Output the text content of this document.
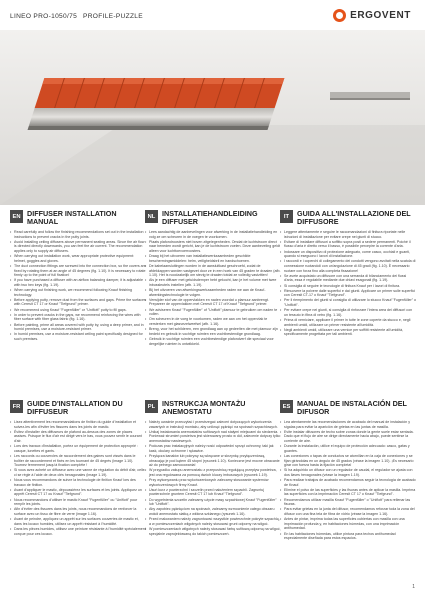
LINEO PRO-1050/75 PROFILE-PUZZLE	ERGOVENT
EN DIFFUSER INSTALLATION MANUAL

• Read carefully and follow the finishing recommendations set out in the installation instructions to prevent cracks in the putty joints.

• Avoid installing ceiling diffusers above permanent seating areas. Since the air flow is directed directly downwards, you can feel the air current. The recommendation applies only to supply air diffusers.

• When carrying out installation work, wear appropriate protective equipment: helmet, goggles and gloves.

• The duct connection fittings are screwed into the connection box, so the covers are fixed by rotating them at an angle of 45 degrees (fig. 1.10). It is necessary to rotate firmly up to the point of full fixation!

• If you have purchased a diffuser with an airflow balancing damper, it is adjustable with two hex keys (fig. 1.19).

• When carrying out finishing work, we recommend following Knauf finishing technology.

• Before applying putty, remove dust from the surfaces and gaps. Prime the surfaces with Ceresit CT 17 or Knauf "Tiefgrund" primer.

• We recommend using Knauf "Fugenfüller" or "Uniflott" putty to fill gaps.

• In order to prevent cracks in the gaps, we recommend reinforcing the wires with fiber surface with fiber glass fabric (fig. 1.16).

• Before painting, prime all areas covered with putty by, using a deep primer, and in humid premises, use a moisture-resistant primer.

• In humid premises, use a moisture-resistant ceiling paint specifically designed for such premises.

NL INSTALLATIEHANDLEIDING DIFFUSER

• Lees aandachtig de aanbevelingen voor afwerking in de installatiehandleiding en volg ze om scheuren in de voegen te voorkomen.

• Plaats plafondroosters niet boven zitgelegenheden. Omdat de luchtstroom direct naar beneden wordt gericht, kan je de luchtstroom voelen. Deze aanbeveling geldt alleen voor luchttoevoerroosters.

• Draag bij het uitvoeren van installatiewerkzaamheden geschikte beschermingsmiddelen: helm, veiligheidsbril en handschoenen.

• De kabelaansluitingen worden in de aansluitkast geschroefd, zodat de afdekkappen worden vastgezet door ze in een hoek van 45 graden te draaien (afb. 1.10). Het is noodzakelijk om stevig te draaien totdat ze volledig vastzitten!

• Als je een diffuser met geluidsdemper hebt gekocht, kan je het volume met twee inbussleutels instellen (afb. 1.19).

• Bij het uitvoeren van afwerkingswerkzaamheden raden we aan de Knauf-afwerkingstechnologie te volgen.

• Verwijder stof van de oppervlakken en naden voordat u plamuur aanbrengt. Prepareer de oppervlakken met Ceresit CT 17 of Knauf "Tiefgrund" primer.

• We adviseren Knauf "Fugenfüller" of "Uniflott" plamuur te gebruiken om naden te vullen.

• Om scheuren in de voeg te voorkomen, raden we aan om het oppervlak te versterken met glasvezelweefsel (afb. 1.16).

• Breng, voor het schilderen, een grondlaag aan op gedeelten die met plamuur zijn bedekt en gebruik in vochtige ruimten een vochtbestendige grondlaag.

• Gebruik in vochtige ruimten een vochtbestendige plafondverf die speciaal voor dergelijke ruimten is ontwikkeld.

IT	GUIDA ALL'INSTALLAZIONE DEL DIFFUSORE

• Leggere attentamente e seguire le raccomandazioni di finitura riportate nelle istruzioni di installazione per evitare crepe nei giunti di stucco.

• Evitare di installare diffusori a soffitto sopra posti a sedere permanenti. Poiché il flusso d'aria è diretto verso il basso, è possibile percepire la corrente d'aria.

• Indossare un dispositivo di protezione adeguato, come casco, occhiali e guanti, quando si eseguono i lavori di installazione.

• I raccordi e i coperchi di collegamento dei condotti vengono avvitati nella scatola di connessione ruotandoli con un'angolazione di 45 gradi (fig. 1.10). È necessario ruotare con forza fino alla completa fissazione!

• Se avete acquistato un diffusore con una serranda di bilanciamento dei flussi d'aria, essa è regolabile mediante due chiavi esagonali (fig. 1.19).

• Si consiglia di seguire le tecnologie di finitura Knauf per i lavori di finitura.

• Rimuovere la polvere dalle superfici e dai giunti. Applicare un primer sulle superfici con Ceresit CT-17 o Knauf "Tiefgrund".

• Per il riempimento dei giunti si consiglia di utilizzare lo stucco Knauf "Fugenfüller" o "Uniflott".

• Per evitare crepe nei giunti, si consiglia di rinforzare l'intera area dei diffusori con un tessuto in fibra di vetro (fig. 1.16).

• Prima di verniciare, applicare il primer in tutte le zone coperte da stucco e, negli ambienti umidi, utilizzare un primer resistente all'umidità.

• Negli ambienti umidi, utilizzare una vernice per soffitti resistente all'umidità, specificamente progettata per tali ambienti.

FR GUIDE D'INSTALLATION DU DIFFUSEUR

• Lisez attentivement les recommandations de finition du guide d'installation et suivez-les afin d'éviter les fissures dans les joints de mastic.

• Évitez d'installer des diffuseurs de plafond au-dessus des zones de places assises. Puisque le flux d'air est dirigé vers le bas, vous pouvez sentir le courant d'air.

• Lors des travaux d'installation, portez un équipement de protection approprié : casque, lunettes et gants.

• Les raccords ou couvercles de raccordement des gaines sont vissés dans le boîtier de raccordement et fixés en les tournant de 45 degrés (image 1.10). Tournez fermement jusqu'à fixation complète !

• Si vous avez acheté un diffuseur avec une vanne de régulation du débit d'air, celle-ci se règle à l'aide de deux clés hexagonales (image 1.19).

• Nous vous recommandons de suivre la technologie de finition Knauf lors des travaux de finition.

• Avant d'appliquer le mastic, dépoussiérez les surfaces et les joints. Appliquez un apprêt Ceresit CT 17 ou Knauf "Tiefgrund".

• Nous recommandons d'utiliser le mastic Knauf "Fugenfüller" ou "Uniflott" pour remplir les joints.

• Afin d'éviter des fissures dans les joints, nous recommandons de renforcer la surface avec un tissu de fibre de verre (image 1.16).

• Avant de peindre, appliquez un apprêt sur les surfaces couvertes de mastic et, dans les locaux humides, utilisez un apprêt résistant à l'humidité.

• Dans les pièces humides, utilisez une peinture résistante à l'humidité spécialement conçue pour ces locaux.

PL INSTRUKCJA MONTAŻU ANEMOSTATU

• Należy uważnie przeczytać i przestrzegać zaleceń dotyczących wykończenia zawartych w instrukcji montażu, aby uniknąć pęknięć na spoinach szpachlowych.

• Unikaj instalowania anemostatów sufitowych nad stałymi miejscami do siedzenia. Ponieważ strumień powietrza jest skierowany prosto w dół, zalecenie dotyczy tylko anemostatów nawiewnych.

• Podczas prac instalacyjnych należy nosić odpowiedni sprzęt ochronny, taki jak kask, okulary ochronne i rękawice.

• Przyłącza kanałów lub pokrywy są wkręcane w skrzynkę przyłączeniową, obracając je pod kątem 45 stopni (rysunek 1.10). Konieczne jest mocne obracanie aż do pełnego zamocowania!

• W przypadku zakupu anemostatu z przepustnicą regulującą przepływ powietrza, jest ona regulowana za pomocą dwóch kluczy imbusowych (rysunek 1.19).

• Przy wykonywaniu prac wykończeniowych zalecamy stosowanie systemów wykończeniowych firmy Knauf.

• Usuń kurz z powierzchni i szczelin przed nałożeniem szpachli. Zagruntuj powierzchnie gruntem Ceresit CT 17 lub Knauf "Tiefgrund".

• Do wypełnienia szczelin zalecamy użycie masy szpachlowej Knauf "Fugenfüller" lub "Uniflott".

• Aby zapobiec pęknięciom na spoinach, zalecamy wzmocnienie całego obszaru wokół anemostatu siatką z włókna szklanego (rysunek 1.16).

• Przed malowaniem należy zagruntować wszystkie powierzchnie pokryte szpachlą, a w pomieszczeniach wilgotnych należy stosować grunt odporny na wilgoć.

• W pomieszczeniach wilgotnych należy stosować farbę sufitową odporną na wilgoć, specjalnie zaprojektowaną do takich pomieszczeń.

ES MANUAL DE INSTALACIÓN DEL DIFUSOR

• Lea atentamente las recomendaciones de acabado del manual de instalación y sígalas para evitar la aparición de grietas en las juntas de masilla.

• Evite instalar difusores de techo sobre zonas donde la gente suele estar sentada. Dado que el flujo de aire se dirige directamente hacia abajo, puede sentirse la corriente de aire.

• Durante la instalación, utilice el equipo de protección adecuado: casco, gafas y guantes.

• Las conexiones o tapas de conductos se atornillan en la caja de conexiones y se fijan girándolas en un ángulo de 45 grados (véase la imagen 1.10). ¡Es necesario girar con fuerza hasta la fijación completa!

• Si ha adquirido un difusor con un regulador de caudal, el regulador se ajusta con dos llaves hexagonales (véase la imagen 1.19).

• Para realizar trabajos de acabado recomendamos seguir la tecnología de acabado de Knauf.

• Elimine el polvo de las superficies y las fisuras antes de aplicar la masilla. Imprima las superficies con la imprimación Ceresit CT 17 o Knauf "Tiefgrund".

• Recomendamos utilizar masilla Knauf "Fugenfüller" o "Uniflott" para rellenar las fisuras.

• Para evitar grietas en la junta del difusor, recomendamos reforzar toda la zona del difusor con una fina tela de fibra de vidrio (véase la imagen 1.16).

• Antes de pintar, imprima todas las superficies cubiertas con masilla con una imprimación profunda y, en habitaciones húmedas, con una imprimación antihumedad.

• En las habitaciones húmedas, utilice pintura para techos antihumedad especialmente diseñada para estos espacios.

1
